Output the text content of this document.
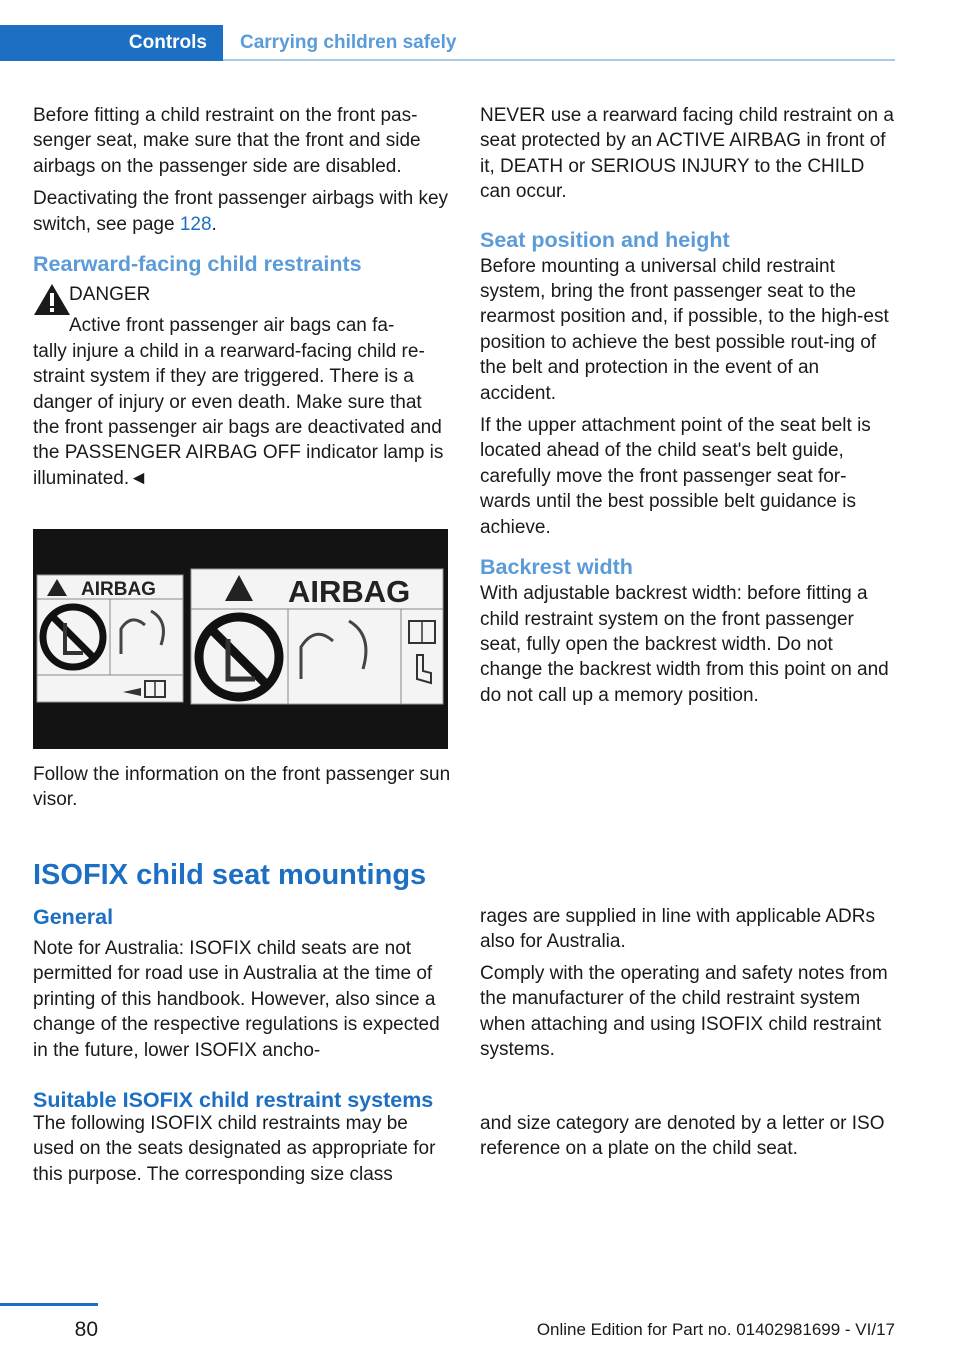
Controls	Carrying children safely

Before fitting a child restraint on the front pas-senger seat, make sure that the front and side airbags on the passenger side are disabled.

Deactivating the front passenger airbags with key switch, see page 128.

Rearward-facing child restraints

DANGER

Active front passenger air bags can fa-

tally injure a child in a rearward-facing child re-straint system if they are triggered. There is a danger of injury or even death. Make sure that the front passenger air bags are deactivated and the PASSENGER AIRBAG OFF indicator lamp is illuminated.◄

AIRBAG	AIRBAG

Follow the information on the front passenger sun visor.

NEVER use a rearward facing child restraint on a seat protected by an ACTIVE AIRBAG in front of it, DEATH or SERIOUS INJURY to the CHILD can occur.

Seat position and height

Before mounting a universal child restraint system, bring the front passenger seat to the rearmost position and, if possible, to the high-est position to achieve the best possible rout-ing of the belt and protection in the event of an accident.

If the upper attachment point of the seat belt is located ahead of the child seat's belt guide, carefully move the front passenger seat for-wards until the best possible belt guidance is achieve.

Backrest width

With adjustable backrest width: before fitting a child restraint system on the front passenger seat, fully open the backrest width. Do not change the backrest width from this point on and do not call up a memory position.

ISOFIX child seat mountings
General

Note for Australia: ISOFIX child seats are not permitted for road use in Australia at the time of printing of this handbook. However, also since a change of the respective regulations is expected in the future, lower ISOFIX ancho-

rages are supplied in line with applicable ADRs also for Australia.

Comply with the operating and safety notes from the manufacturer of the child restraint system when attaching and using ISOFIX child restraint systems.

Suitable ISOFIX child restraint systems

The following ISOFIX child restraints may be used on the seats designated as appropriate for this purpose. The corresponding size class

and size category are denoted by a letter or ISO reference on a plate on the child seat.

80	Online Edition for Part no. 01402981699 - VI/17
